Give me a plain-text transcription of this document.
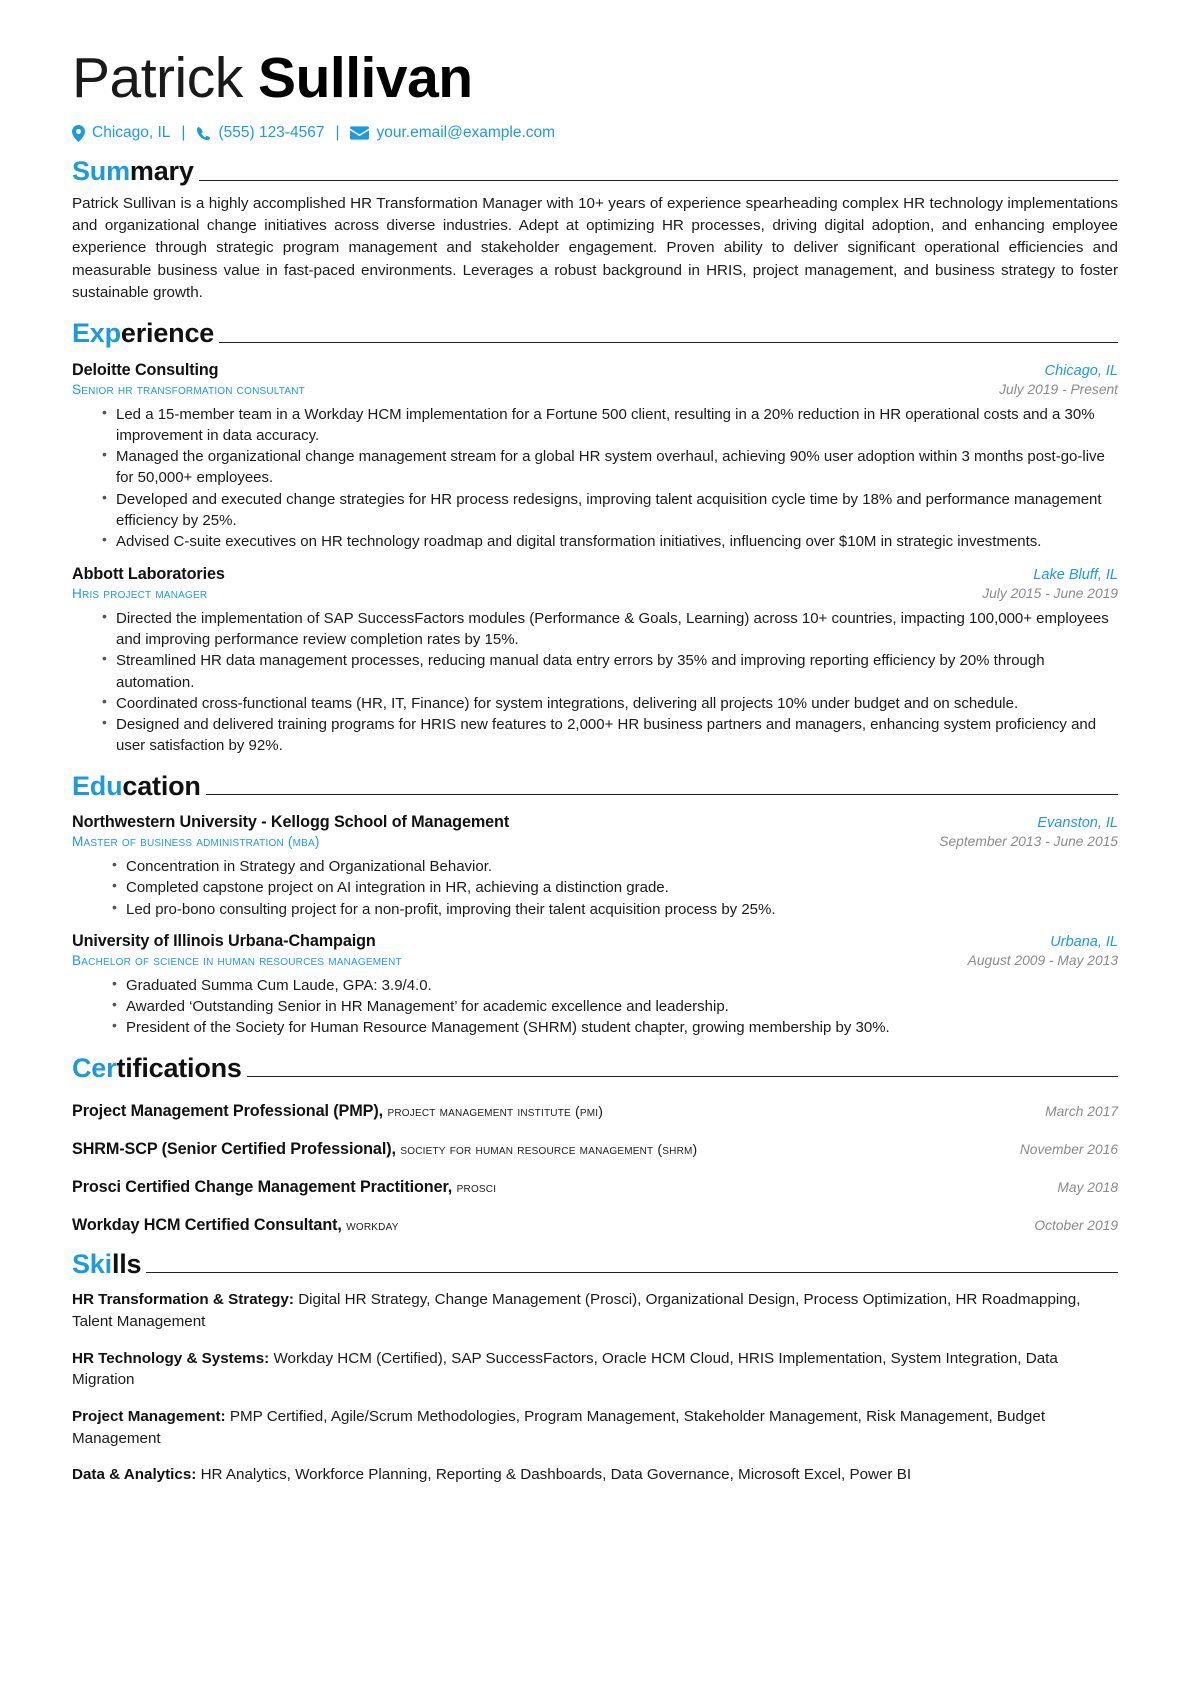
Patrick Sullivan
Chicago, IL |	(555) 123-4567 |	your.email@example.com
Summary

Patrick Sullivan is a highly accomplished HR Transformation Manager with 10+ years of experience spearheading complex HR technology implementations and organizational change initiatives across diverse industries. Adept at optimizing HR processes, driving digital adoption, and enhancing employee experience through strategic program management and stakeholder engagement. Proven ability to deliver significant operational efficiencies and measurable business value in fast-paced environments. Leverages a robust background in HRIS, project management, and business strategy to foster sustainable growth.

Experience
Deloitte Consulting	Chicago, IL
Senior hr transformation consultant	July 2019 - Present
• Led a 15-member team in a Workday HCM implementation for a Fortune 500 client, resulting in a 20% reduction in HR operational costs and a 30% improvement in data accuracy.
• Managed the organizational change management stream for a global HR system overhaul, achieving 90% user adoption within 3 months post-go-live for 50,000+ employees.
• Developed and executed change strategies for HR process redesigns, improving talent acquisition cycle time by 18% and performance management efficiency by 25%.
• Advised C-suite executives on HR technology roadmap and digital transformation initiatives, influencing over $10M in strategic investments.
Abbott Laboratories	Lake Bluff, IL
Hris project manager	July 2015 - June 2019
• Directed the implementation of SAP SuccessFactors modules (Performance & Goals, Learning) across 10+ countries, impacting 100,000+ employees and improving performance review completion rates by 15%.
• Streamlined HR data management processes, reducing manual data entry errors by 35% and improving reporting efficiency by 20% through automation.
• Coordinated cross-functional teams (HR, IT, Finance) for system integrations, delivering all projects 10% under budget and on schedule.
• Designed and delivered training programs for HRIS new features to 2,000+ HR business partners and managers, enhancing system proficiency and user satisfaction by 92%.
Education
Northwestern University - Kellogg School of Management	Evanston, IL
Master of business administration (mba)	September 2013 - June 2015
• Concentration in Strategy and Organizational Behavior.
• Completed capstone project on AI integration in HR, achieving a distinction grade.
• Led pro-bono consulting project for a non-profit, improving their talent acquisition process by 25%.
University of Illinois Urbana-Champaign	Urbana, IL
Bachelor of science in human resources management	August 2009 - May 2013
• Graduated Summa Cum Laude, GPA: 3.9/4.0.
• Awarded ‘Outstanding Senior in HR Management’ for academic excellence and leadership.
• President of the Society for Human Resource Management (SHRM) student chapter, growing membership by 30%.
Certifications
Project Management Professional (PMP), project management institute (pmi)	March 2017
SHRM-SCP (Senior Certified Professional), society for human resource management (shrm)	November 2016
Prosci Certified Change Management Practitioner, prosci	May 2018
Workday HCM Certified Consultant, workday	October 2019
Skills

HR Transformation & Strategy: Digital HR Strategy, Change Management (Prosci), Organizational Design, Process Optimization, HR Roadmapping, Talent Management

HR Technology & Systems: Workday HCM (Certified), SAP SuccessFactors, Oracle HCM Cloud, HRIS Implementation, System Integration, Data Migration

Project Management: PMP Certified, Agile/Scrum Methodologies, Program Management, Stakeholder Management, Risk Management, Budget Management

Data & Analytics: HR Analytics, Workforce Planning, Reporting & Dashboards, Data Governance, Microsoft Excel, Power BI
